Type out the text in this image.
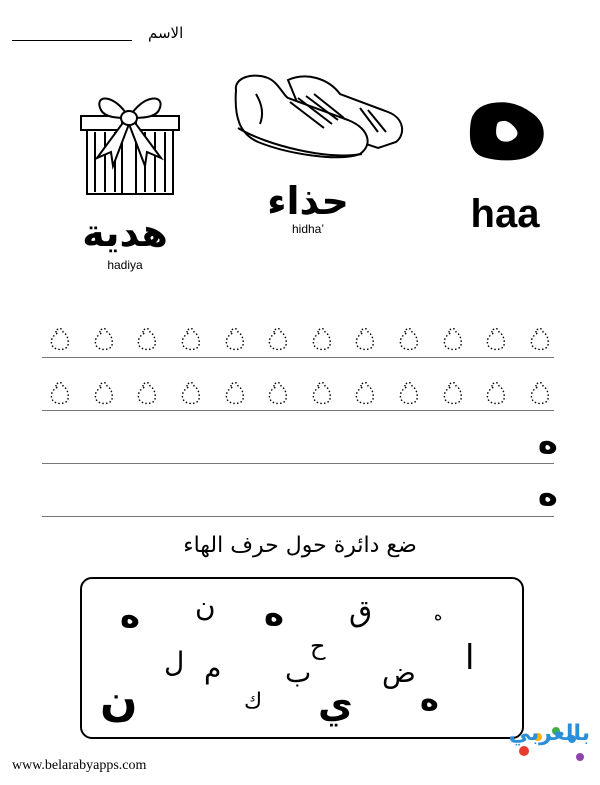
الاسم
هدية
hadiya
حذاء
hidha’
ه
haa
ه
ه
ضع دائرة حول حرف الهاء
ه ن ه ق	ه
ح	ا
ل م ب	ض
ن	ك ي ه
www.belarabyapps.com
بالعربي
